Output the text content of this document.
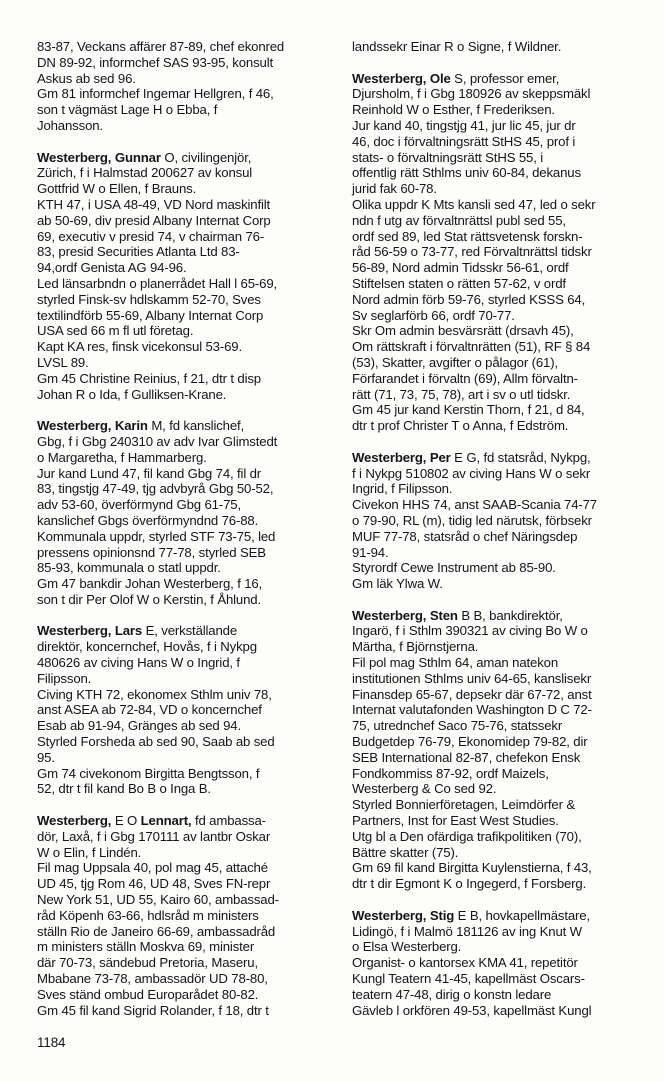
83-87, Veckans affärer 87-89, chef ekonred
DN 89-92, informchef SAS 93-95, konsult
Askus ab sed 96.
Gm 81 informchef Ingemar Hellgren, f 46,
son t vägmäst Lage H o Ebba, f
Johansson.
Westerberg, Gunnar O, civilingenjör,
Zürich, f i Halmstad 200627 av konsul
Gottfrid W o Ellen, f Brauns.
KTH 47, i USA 48-49, VD Nord maskinfilt
ab 50-69, div presid Albany Internat Corp
69, executiv v presid 74, v chairman 76-
83, presid Securities Atlanta Ltd 83-
94,ordf Genista AG 94-96.
Led länsarbndn o planerrådet Hall l 65-69,
styrled Finsk-sv hdlskamm 52-70, Sves
textilindförb 55-69, Albany Internat Corp
USA sed 66 m fl utl företag.
Kapt KA res, finsk vicekonsul 53-69.
LVSL 89.
Gm 45 Christine Reinius, f 21, dtr t disp
Johan R o Ida, f Gulliksen-Krane.
Westerberg, Karin M, fd kanslichef,
Gbg, f i Gbg 240310 av adv Ivar Glimstedt
o Margaretha, f Hammarberg.
Jur kand Lund 47, fil kand Gbg 74, fil dr
83, tingstjg 47-49, tjg advbyrå Gbg 50-52,
adv 53-60, överförmynd Gbg 61-75,
kanslichef Gbgs överförmyndnd 76-88.
Kommunala uppdr, styrled STF 73-75, led
pressens opinionsnd 77-78, styrled SEB
85-93, kommunala o statl uppdr.
Gm 47 bankdir Johan Westerberg, f 16,
son t dir Per Olof W o Kerstin, f Åhlund.
Westerberg, Lars E, verkställande
direktör, koncernchef, Hovås, f i Nykpg
480626 av civing Hans W o Ingrid, f
Filipsson.
Civing KTH 72, ekonomex Sthlm univ 78,
anst ASEA ab 72-84, VD o koncernchef
Esab ab 91-94, Gränges ab sed 94.
Styrled Forsheda ab sed 90, Saab ab sed
95.
Gm 74 civekonom Birgitta Bengtsson, f
52, dtr t fil kand Bo B o Inga B.
Westerberg, E O Lennart, fd ambassa-
dör, Laxå, f i Gbg 170111 av lantbr Oskar
W o Elin, f Lindén.
Fil mag Uppsala 40, pol mag 45, attaché
UD 45, tjg Rom 46, UD 48, Sves FN-repr
New York 51, UD 55, Kairo 60, ambassad-
råd Köpenh 63-66, hdlsråd m ministers
ställn Rio de Janeiro 66-69, ambassadråd
m ministers ställn Moskva 69, minister
där 70-73, sändebud Pretoria, Maseru,
Mbabane 73-78, ambassadör UD 78-80,
Sves ständ ombud Europarådet 80-82.
Gm 45 fil kand Sigrid Rolander, f 18, dtr t
landssekr Einar R o Signe, f Wildner.
Westerberg, Ole S, professor emer,
Djursholm, f i Gbg 180926 av skeppsmäkl
Reinhold W o Esther, f Frederiksen.
Jur kand 40, tingstjg 41, jur lic 45, jur dr
46, doc i förvaltningsrätt StHS 45, prof i
stats- o förvaltningsrätt StHS 55, i
offentlig rätt Sthlms univ 60-84, dekanus
jurid fak 60-78.
Olika uppdr K Mts kansli sed 47, led o sekr
ndn f utg av förvaltnrättsl publ sed 55,
ordf sed 89, led Stat rättsvetensk forskn-
råd 56-59 o 73-77, red Förvaltnrättsl tidskr
56-89, Nord admin Tidsskr 56-61, ordf
Stiftelsen staten o rätten 57-62, v ordf
Nord admin förb 59-76, styrled KSSS 64,
Sv seglarförb 66, ordf 70-77.
Skr Om admin besvärsrätt (drsavh 45),
Om rättskraft i förvaltnrätten (51), RF § 84
(53), Skatter, avgifter o pålagor (61),
Förfarandet i förvaltn (69), Allm förvaltn-
rätt (71, 73, 75, 78), art i sv o utl tidskr.
Gm 45 jur kand Kerstin Thorn, f 21, d 84,
dtr t prof Christer T o Anna, f Edström.
Westerberg, Per E G, fd statsråd, Nykpg,
f i Nykpg 510802 av civing Hans W o sekr
Ingrid, f Filipsson.
Civekon HHS 74, anst SAAB-Scania 74-77
o 79-90, RL (m), tidig led närutsk, förbsekr
MUF 77-78, statsråd o chef Näringsdep
91-94.
Styrordf Cewe Instrument ab 85-90.
Gm läk Ylwa W.
Westerberg, Sten B B, bankdirektör,
Ingarö, f i Sthlm 390321 av civing Bo W o
Märtha, f Björnstjerna.
Fil pol mag Sthlm 64, aman natekon
institutionen Sthlms univ 64-65, kanslisekr
Finansdep 65-67, depsekr där 67-72, anst
Internat valutafonden Washington D C 72-
75, utrednchef Saco 75-76, statssekr
Budgetdep 76-79, Ekonomidep 79-82, dir
SEB International 82-87, chefekon Ensk
Fondkommiss 87-92, ordf Maizels,
Westerberg & Co sed 92.
Styrled Bonnierföretagen, Leimdörfer &
Partners, Inst for East West Studies.
Utg bl a Den ofärdiga trafikpolitiken (70),
Bättre skatter (75).
Gm 69 fil kand Birgitta Kuylenstierna, f 43,
dtr t dir Egmont K o Ingegerd, f Forsberg.
Westerberg, Stig E B, hovkapellmästare,
Lidingö, f i Malmö 181126 av ing Knut W
o Elsa Westerberg.
Organist- o kantorsex KMA 41, repetitör
Kungl Teatern 41-45, kapellmäst Oscars-
teatern 47-48, dirig o konstn ledare
Gävleb l orkfören 49-53, kapellmäst Kungl
1184
